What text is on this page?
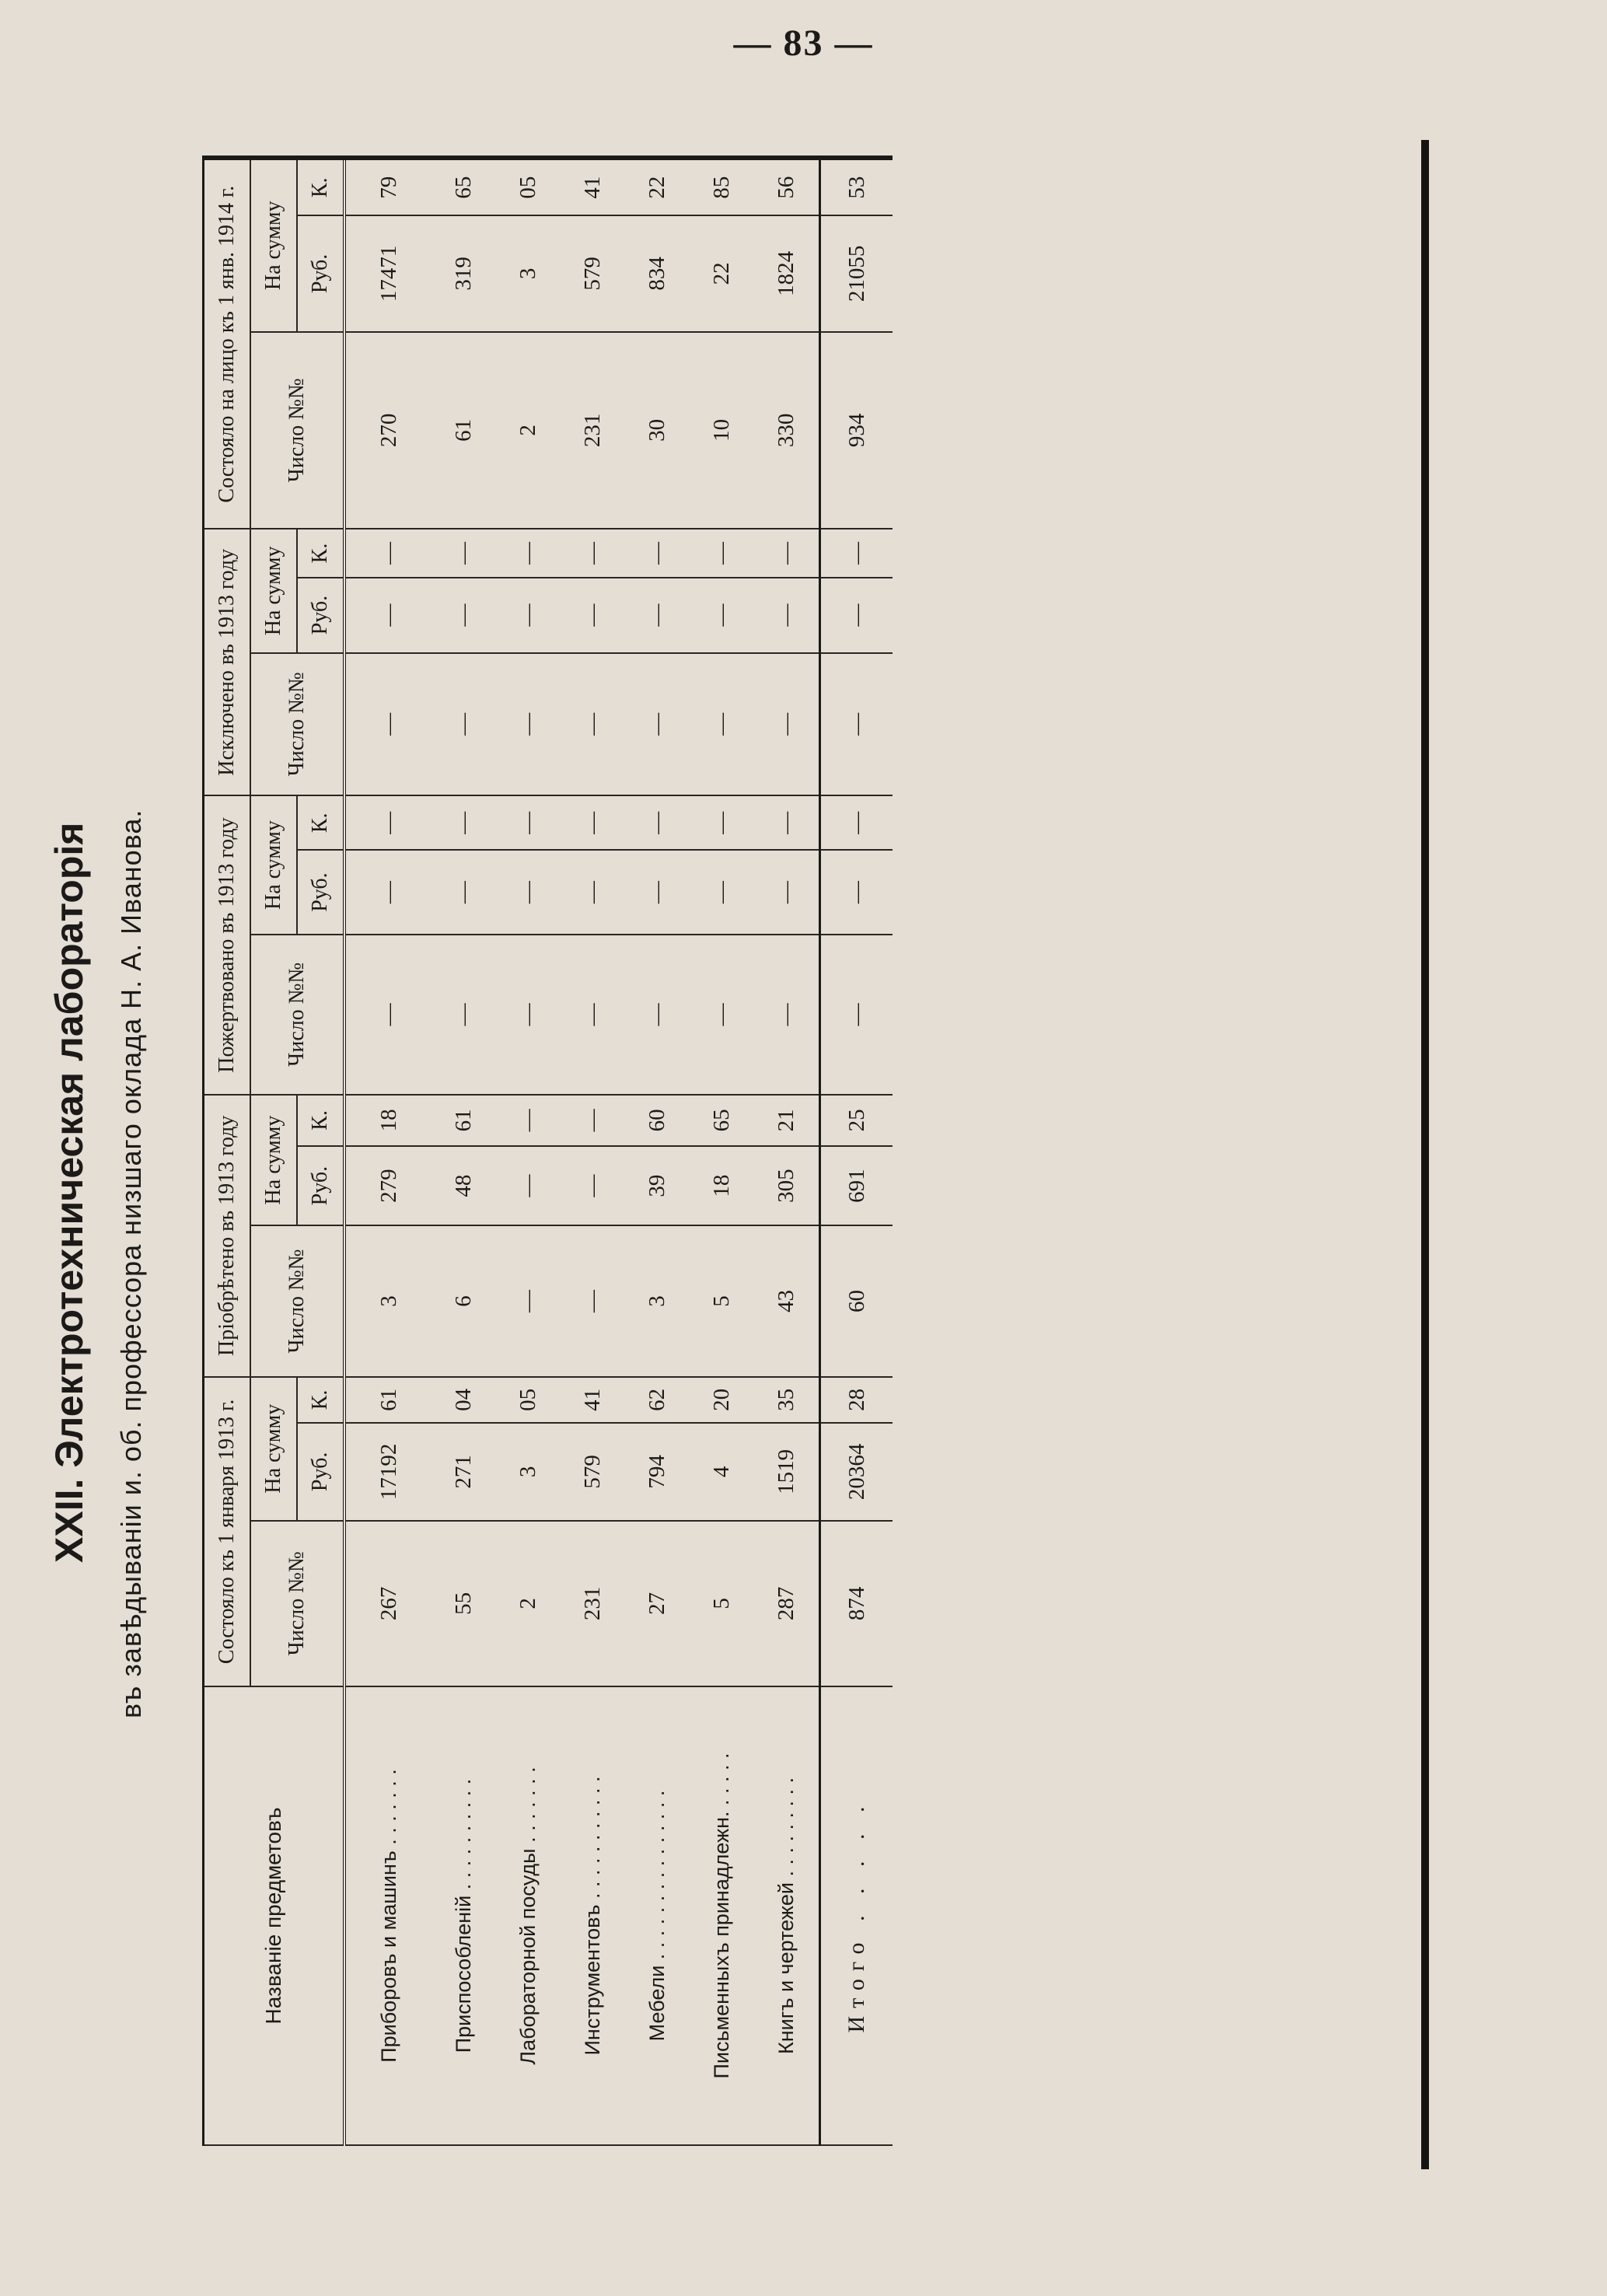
— 83 —
XXII. Электротехническая лабораторія въ завѣдываніи и. об. профессора низшаго оклада Н. А. Иванова.
Названіе предметовъ	Состояло къ 1 января 1913 г.			Пріобрѣтено въ 1913 году			Пожертвовано въ 1913 году			Исключено въ 1913 году			Состояло на лицо къ 1 янв. 1914 г.		
	Число №№	На сумму		Число №№	На сумму		Число №№	На сумму		Число №№	На сумму		Число №№	На сумму	
		Руб.	К.		Руб.	К.		Руб.	К.		Руб.	К.		Руб.	К.
Приборовъ и машинъ . . . . . . .	267	17192	61	3	279	18	—	—	—	—	—	—	270	17471	79
Приспособленій . . . . . . . . . .	55	271	04	6	48	61	—	—	—	—	—	—	61	319	65
Лабораторной посуды . . . . . . .	2	3	05	—	—	—	—	—	—	—	—	—	2	3	05
Инструментовъ . . . . . . . . . . .	231	579	41	—	—	—	—	—	—	—	—	—	231	579	41
Мебели . . . . . . . . . . . . . . .	27	794	62	3	39	60	—	—	—	—	—	—	30	834	22
Письменныхъ принадлежн. . . . . .	5	4	20	5	18	65	—	—	—	—	—	—	10	22	85
Книгъ и чертежей . . . . . . . . .	287	1519	35	43	305	21	—	—	—	—	—	—	330	1824	56
Итого . . . . .	874	20364	28	60	691	25	—	—	—	—	—	—	934	21055	53
